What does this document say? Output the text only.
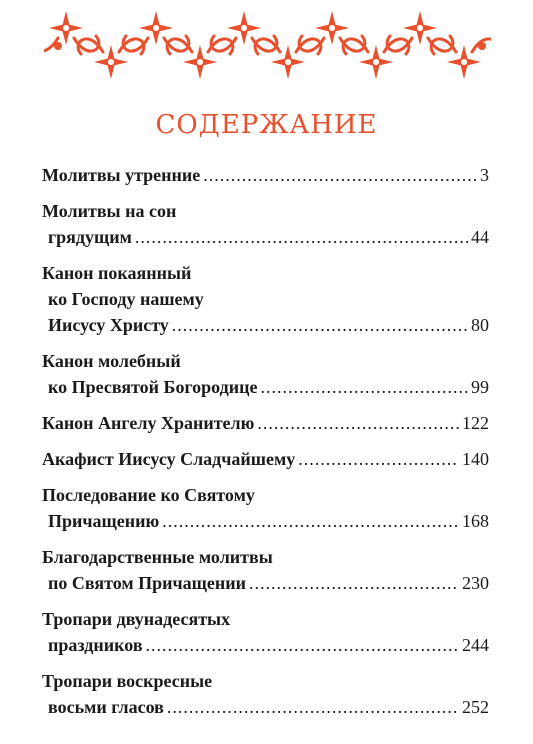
СОДЕРЖАНИЕ
Молитвы утренние .....	3
Молитвы на сон
грядущим .....	44
Канон покаянный
ко Господу нашему
Иисусу Христу .....	80
Канон молебный
ко Пресвятой Богородице .....	99
Канон Ангелу Хранителю .....	122
Акафист Иисусу Сладчайшему .....	140
Последование ко Святому
Причащению .....	168
Благодарственные молитвы
по Святом Причащении .....	230
Тропари двунадесятых
праздников .....	244
Тропари воскресные
восьми гласов .....	252
